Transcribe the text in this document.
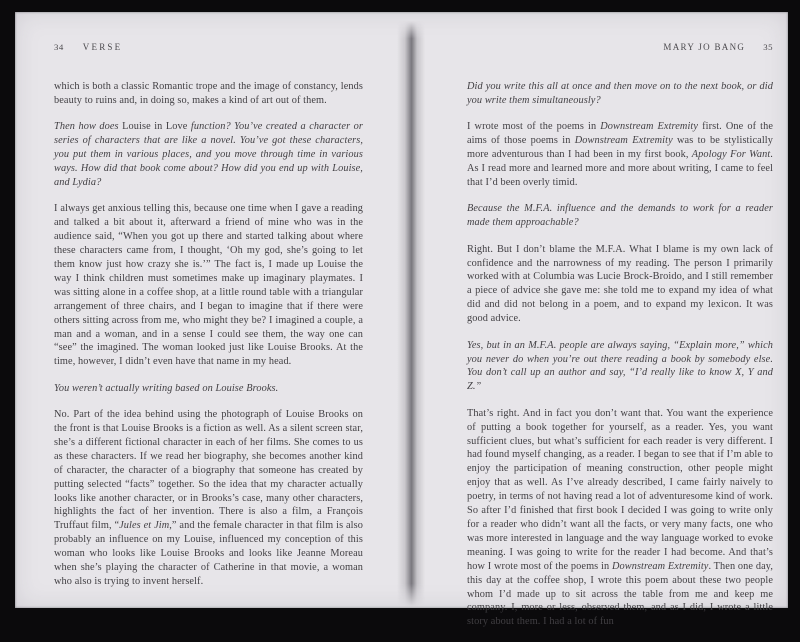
34 VERSE

which is both a classic Romantic trope and the image of constancy, lends beauty to ruins and, in doing so, makes a kind of art out of them.

Then how does Louise in Love function? You’ve created a character or series of characters that are like a novel. You’ve got these characters, you put them in various places, and you move through time in various ways. How did that book come about? How did you end up with Louise, and Lydia?

I always get anxious telling this, because one time when I gave a reading and talked a bit about it, afterward a friend of mine who was in the audience said, “When you got up there and started talking about where these characters came from, I thought, ‘Oh my god, she’s going to let them know just how crazy she is.’” The fact is, I made up Louise the way I think children must sometimes make up imaginary playmates. I was sitting alone in a coffee shop, at a little round table with a triangular arrangement of three chairs, and I began to imagine that if there were others sitting across from me, who might they be? I imagined a couple, a man and a woman, and in a sense I could see them, the way one can “see” the imagined. The woman looked just like Louise Brooks. At the time, however, I didn’t even have that name in my head.

You weren’t actually writing based on Louise Brooks.

No. Part of the idea behind using the photograph of Louise Brooks on the front is that Louise Brooks is a fiction as well. As a silent screen star, she’s a different fictional character in each of her films. She comes to us as these characters. If we read her biography, she becomes another kind of character, the character of a biography that someone has created by putting selected “facts” together. So the idea that my character actually looks like another character, or in Brooks’s case, many other characters, highlights the fact of her invention. There is also a film, a François Truffaut film, “Jules et Jim,” and the female character in that film is also probably an influence on my Louise, influenced my conception of this woman who looks like Louise Brooks and looks like Jeanne Moreau when she’s playing the character of Catherine in that movie, a woman who also is trying to invent herself.

MARY JO BANG 35

Did you write this all at once and then move on to the next book, or did you write them simultaneously?

I wrote most of the poems in Downstream Extremity first. One of the aims of those poems in Downstream Extremity was to be stylistically more adventurous than I had been in my first book, Apology For Want. As I read more and learned more and more about writing, I came to feel that I’d been overly timid.

Because the M.F.A. influence and the demands to work for a reader made them approachable?

Right. But I don’t blame the M.F.A. What I blame is my own lack of confidence and the narrowness of my reading. The person I primarily worked with at Columbia was Lucie Brock-Broido, and I still remember a piece of advice she gave me: she told me to expand my idea of what did and did not belong in a poem, and to expand my lexicon. It was good advice.

Yes, but in an M.F.A. people are always saying, “Explain more,” which you never do when you’re out there reading a book by somebody else. You don’t call up an author and say, “I’d really like to know X, Y and Z.”

That’s right. And in fact you don’t want that. You want the experience of putting a book together for yourself, as a reader. Yes, you want sufficient clues, but what’s sufficient for each reader is very different. I had found myself changing, as a reader. I began to see that if I’m able to enjoy the participation of meaning construction, other people might enjoy that as well. As I’ve already described, I came fairly naively to poetry, in terms of not having read a lot of adventuresome kind of work. So after I’d finished that first book I decided I was going to write only for a reader who didn’t want all the facts, or very many facts, one who was more interested in language and the way language worked to evoke meaning. I was going to write for the reader I had become. And that’s how I wrote most of the poems in Downstream Extremity. Then one day, this day at the coffee shop, I wrote this poem about these two people whom I’d made up to sit across the table from me and keep me company. I, more or less, observed them, and as I did, I wrote a little story about them. I had a lot of fun
